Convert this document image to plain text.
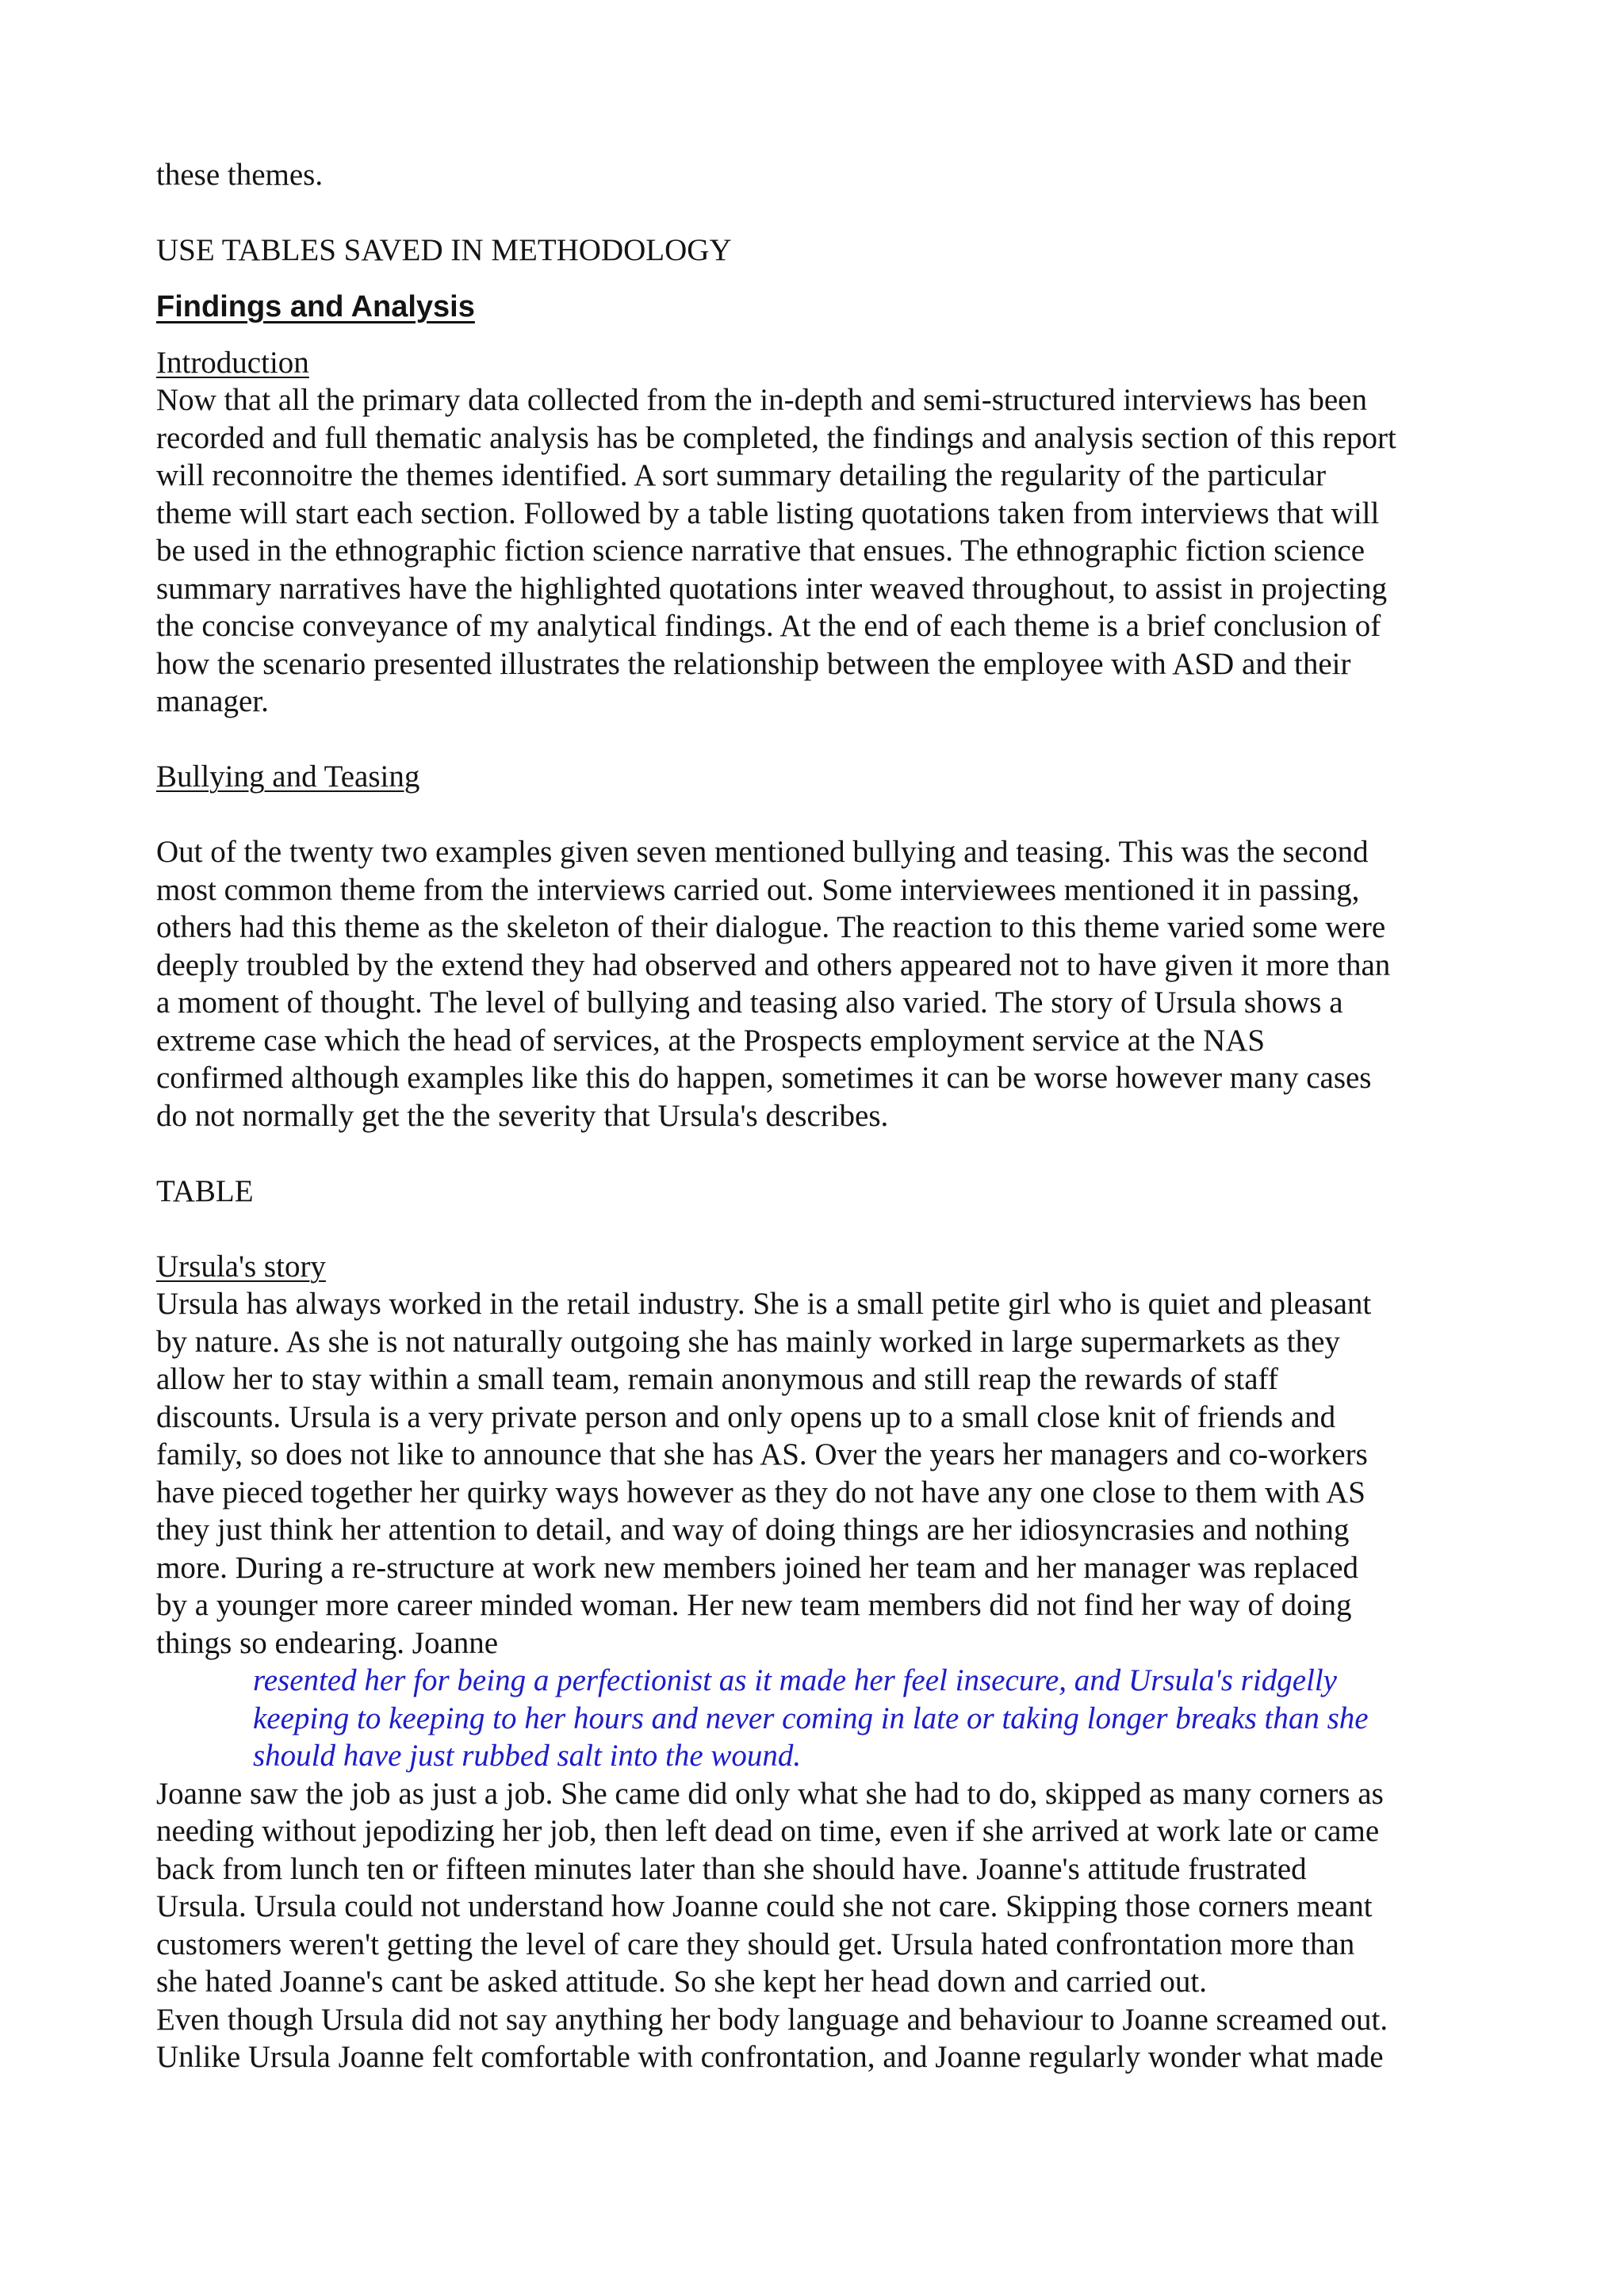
these themes.

USE TABLES SAVED IN METHODOLOGY

Findings and Analysis

Introduction

Now that all the primary data collected from the in-depth and semi-structured interviews has been
recorded and full thematic analysis has be completed, the findings and analysis section of this report
will reconnoitre the themes identified. A sort summary detailing the regularity of the particular
theme will start each section. Followed by a table listing quotations taken from interviews that will
be used in the ethnographic fiction science narrative that ensues. The ethnographic fiction science
summary narratives have the highlighted quotations inter weaved throughout, to assist in projecting
the concise conveyance of my analytical findings. At the end of each theme is a brief conclusion of
how the scenario presented illustrates the relationship between the employee with ASD and their
manager.

Bullying and Teasing

Out of the twenty two examples given seven mentioned bullying and teasing. This was the second
most common theme from the interviews carried out. Some interviewees mentioned it in passing,
others had this theme as the skeleton of their dialogue. The reaction to this theme varied some were
deeply troubled by the extend they had observed and others appeared not to have given it more than
a moment of thought. The level of bullying and teasing also varied. The story of Ursula shows a
extreme case which the head of services, at the Prospects employment service at the NAS
confirmed although examples like this do happen, sometimes it can be worse however many cases
do not normally get the the severity that Ursula's describes.

TABLE

Ursula's story

Ursula has always worked in the retail industry. She is a small petite girl who is quiet and pleasant
by nature. As she is not naturally outgoing she has mainly worked in large supermarkets as they
allow her to stay within a small team, remain anonymous and still reap the rewards of staff
discounts. Ursula is a very private person and only opens up to a small close knit of friends and
family, so does not like to announce that she has AS. Over the years her managers and co-workers
have pieced together her quirky ways however as they do not have any one close to them with AS
they just think her attention to detail, and way of doing things are her idiosyncrasies and nothing
more. During a re-structure at work new members joined her team and her manager was replaced
by a younger more career minded woman. Her new team members did not find her way of doing
things so endearing. Joanne
resented her for being a perfectionist as it made her feel insecure, and Ursula's ridgelly
keeping to keeping to her hours and never coming in late or taking longer breaks than she
should have just rubbed salt into the wound.
Joanne saw the job as just a job. She came did only what she had to do, skipped as many corners as
needing without jepodizing her job, then left dead on time, even if she arrived at work late or came
back from lunch ten or fifteen minutes later than she should have. Joanne's attitude frustrated
Ursula. Ursula could not understand how Joanne could she not care. Skipping those corners meant
customers weren't getting the level of care they should get. Ursula hated confrontation more than
she hated Joanne's cant be asked attitude. So she kept her head down and carried out.
Even though Ursula did not say anything her body language and behaviour to Joanne screamed out.
Unlike Ursula Joanne felt comfortable with confrontation, and Joanne regularly wonder what made
